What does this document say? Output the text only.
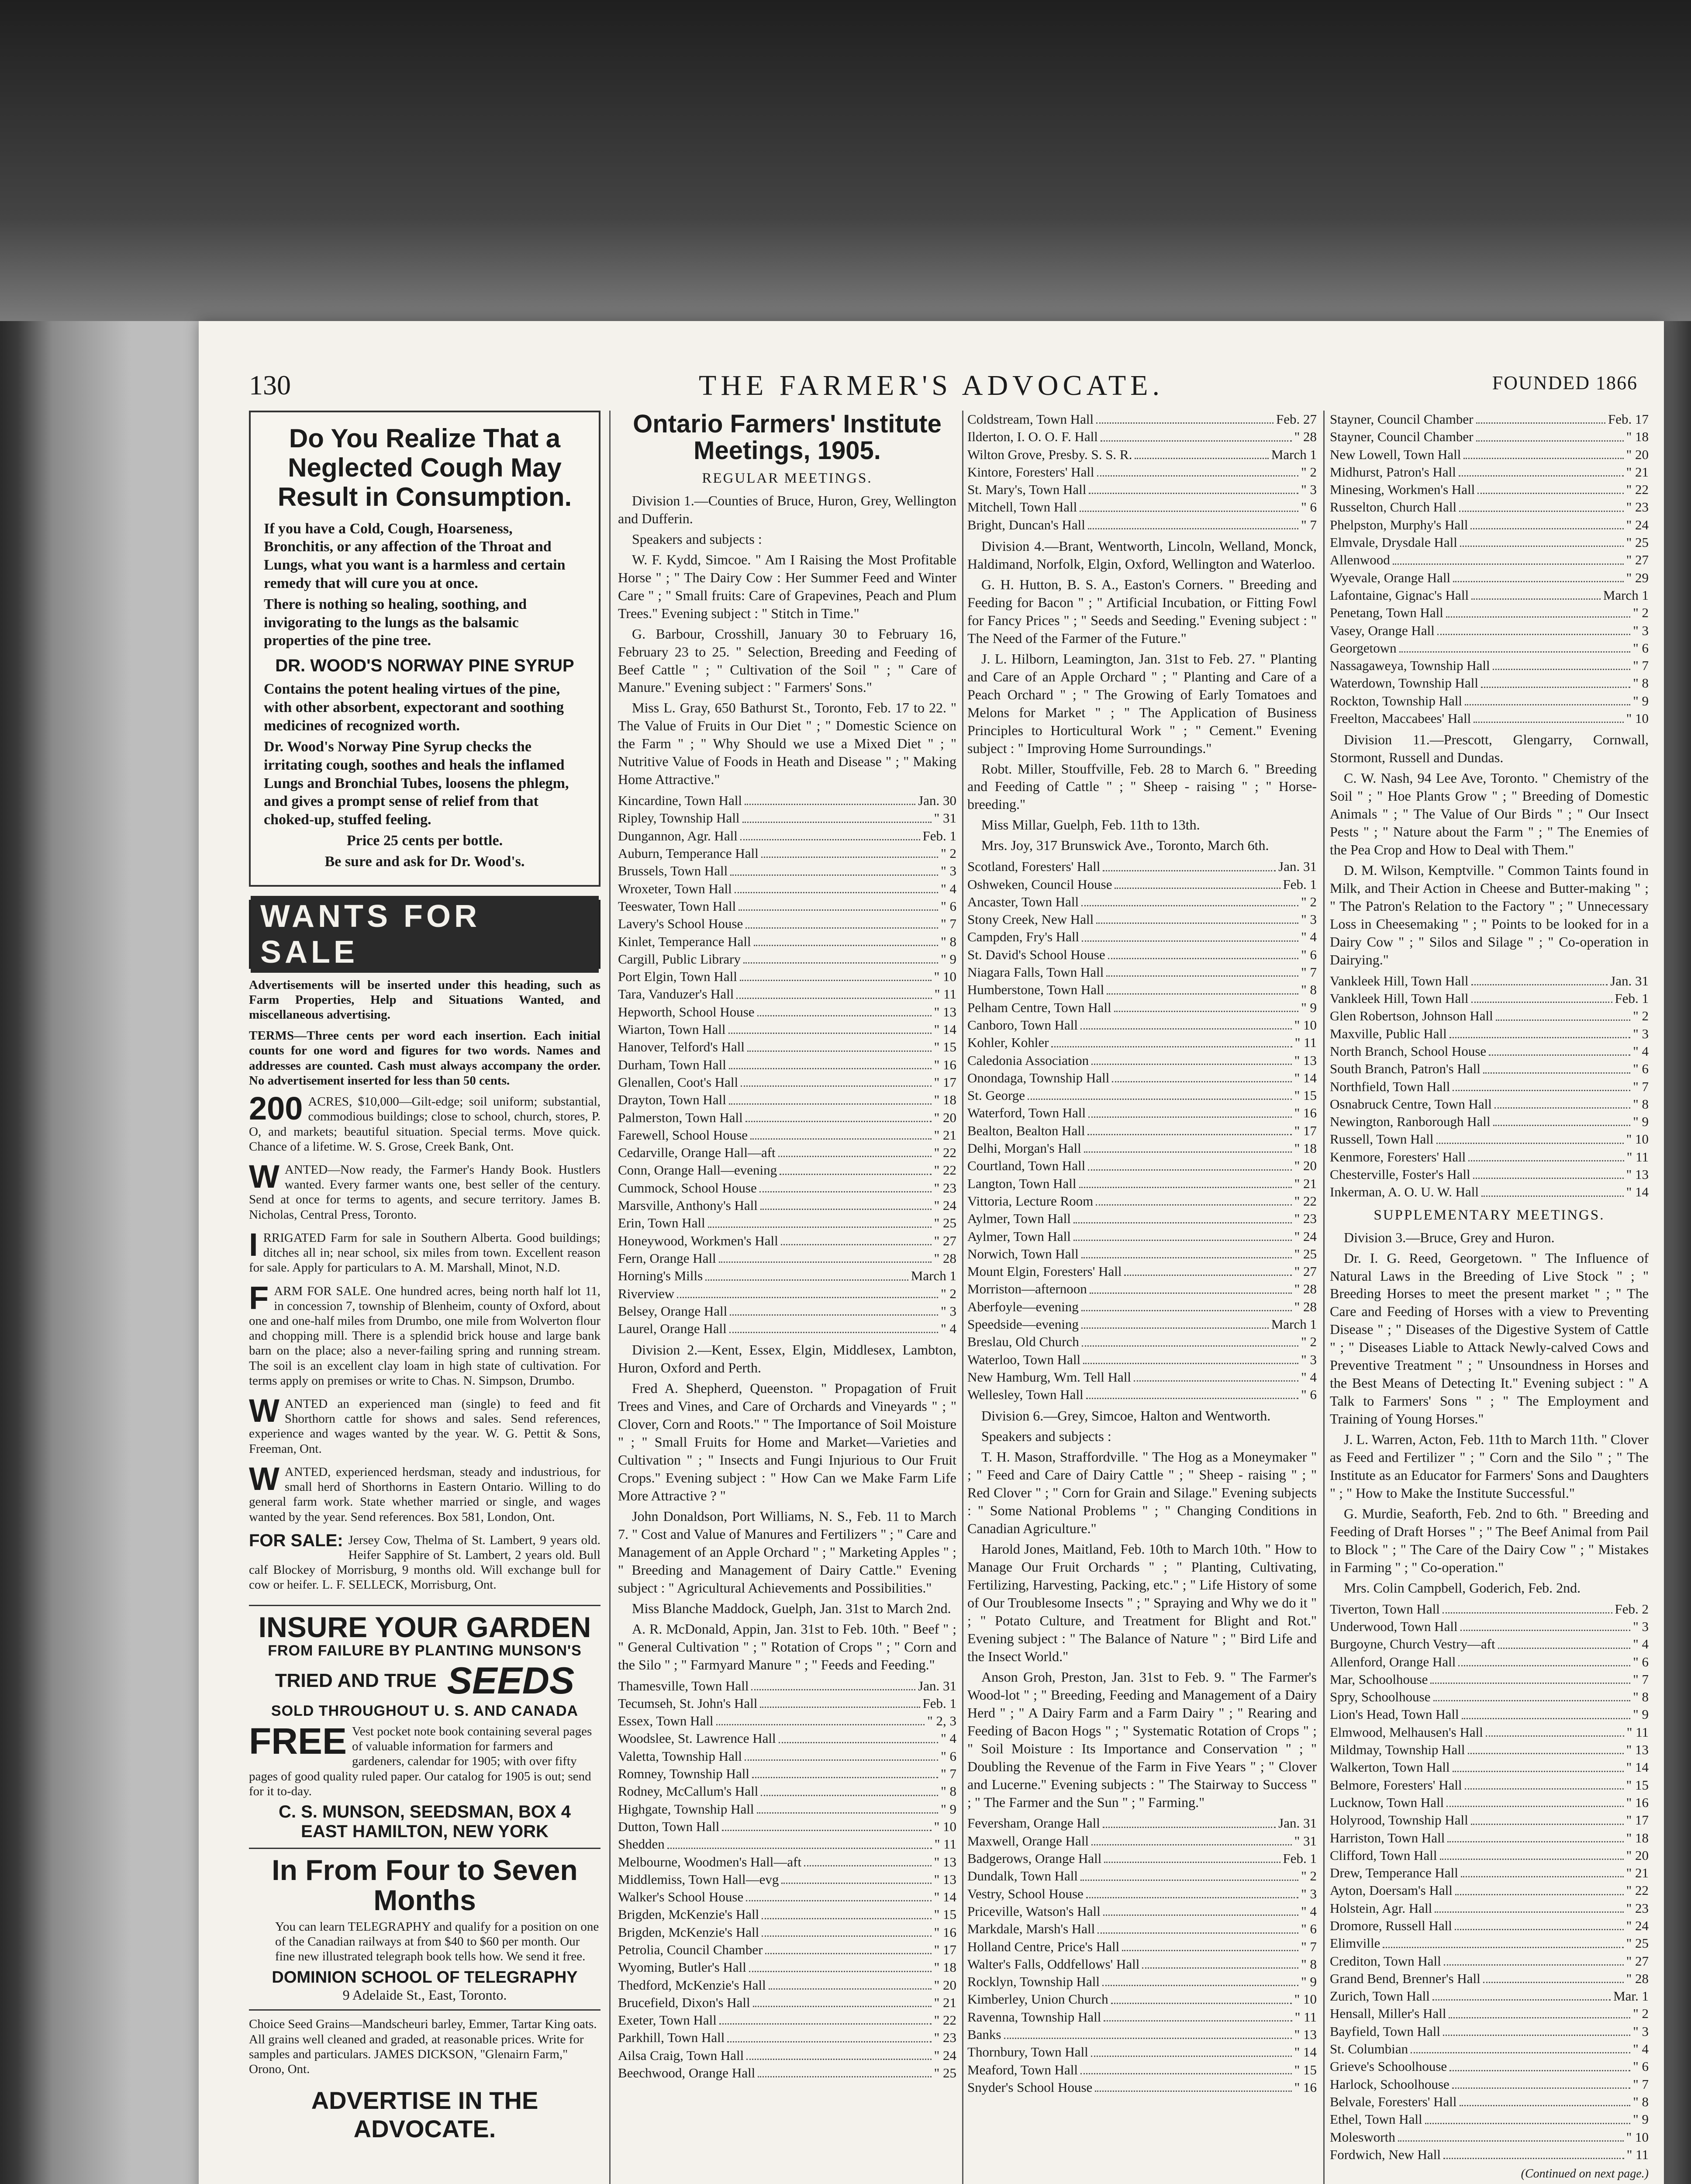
THE FARMER'S ADVOCATE.
130	FOUNDED 1866
Do You Realize That a Neglected Cough May Result in Consumption.

If you have a Cold, Cough, Hoarseness, Bronchitis, or any affection of the Throat and Lungs, what you want is a harmless and certain remedy that will cure you at once.

There is nothing so healing, soothing, and invigorating to the lungs as the balsamic properties of the pine tree.

DR. WOOD'S NORWAY PINE SYRUP

Contains the potent healing virtues of the pine, with other absorbent, expectorant and soothing medicines of recognized worth.

Dr. Wood's Norway Pine Syrup checks the irritating cough, soothes and heals the inflamed Lungs and Bronchial Tubes, loosens the phlegm, and gives a prompt sense of relief from that choked-up, stuffed feeling.

Price 25 cents per bottle.

Be sure and ask for Dr. Wood's.

WANTS FOR SALE

Advertisements will be inserted under this heading, such as Farm Properties, Help and Situations Wanted, and miscellaneous advertising.

TERMS—Three cents per word each insertion. Each initial counts for one word and figures for two words. Names and addresses are counted. Cash must always accompany the order. No advertisement inserted for less than 50 cents.

200 ACRES, $10,000—Gilt-edge; soil uniform; substantial, commodious buildings; close to school, church, stores, P. O, and markets; beautiful situation. Special terms. Move quick. Chance of a lifetime. W. S. Grose, Creek Bank, Ont.

WANTED—Now ready, the Farmer's Handy Book. Hustlers wanted. Every farmer wants one, best seller of the century. Send at once for terms to agents, and secure territory. James B. Nicholas, Central Press, Toronto.

IRRIGATED Farm for sale in Southern Alberta. Good buildings; ditches all in; near school, six miles from town. Excellent reason for sale. Apply for particulars to A. M. Marshall, Minot, N.D.

FARM FOR SALE. One hundred acres, being north half lot 11, in concession 7, township of Blenheim, county of Oxford, about one and one-half miles from Drumbo, one mile from Wolverton flour and chopping mill. There is a splendid brick house and large bank barn on the place; also a never-failing spring and running stream. The soil is an excellent clay loam in high state of cultivation. For terms apply on premises or write to Chas. N. Simpson, Drumbo.

WANTED an experienced man (single) to feed and fit Shorthorn cattle for shows and sales. Send references, experience and wages wanted by the year. W. G. Pettit & Sons, Freeman, Ont.

WANTED, experienced herdsman, steady and industrious, for small herd of Shorthorns in Eastern Ontario. Willing to do general farm work. State whether married or single, and wages wanted by the year. Send references. Box 581, London, Ont.

FOR SALE: Jersey Cow, Thelma of St. Lambert, 9 years old. Heifer Sapphire of St. Lambert, 2 years old. Bull calf Blockey of Morrisburg, 9 months old. Will exchange bull for cow or heifer. L. F. SELLECK, Morrisburg, Ont.

INSURE YOUR GARDEN
FROM FAILURE BY PLANTING MUNSON'S
TRIED AND TRUE SEEDS
SOLD THROUGHOUT U. S. AND CANADA
FREE Vest pocket note book containing several pages of valuable information for farmers and gardeners, calendar for 1905; with over fifty pages of good quality ruled paper. Our catalog for 1905 is out; send for it to-day.
C. S. MUNSON, SEEDSMAN, BOX 4
EAST HAMILTON, NEW YORK
In From Four to Seven Months
You can learn TELEGRAPHY and qualify for a position on one of the Canadian railways at from $40 to $60 per month. Our fine new illustrated telegraph book tells how. We send it free.
DOMINION SCHOOL OF TELEGRAPHY
9 Adelaide St., East, Toronto.
Choice Seed Grains—Mandscheuri barley, Emmer, Tartar King oats. All grains well cleaned and graded, at reasonable prices. Write for samples and particulars. JAMES DICKSON, "Glenairn Farm," Orono, Ont.
ADVERTISE IN THE ADVOCATE.
Ontario Farmers' Institute Meetings, 1905.
REGULAR MEETINGS.

Division 1.—Counties of Bruce, Huron, Grey, Wellington and Dufferin.

Speakers and subjects :

W. F. Kydd, Simcoe. " Am I Raising the Most Profitable Horse " ; " The Dairy Cow : Her Summer Feed and Winter Care " ; " Small fruits: Care of Grapevines, Peach and Plum Trees." Evening subject : " Stitch in Time."

G. Barbour, Crosshill, January 30 to February 16, February 23 to 25. " Selection, Breeding and Feeding of Beef Cattle " ; " Cultivation of the Soil " ; " Care of Manure." Evening subject : " Farmers' Sons."

Miss L. Gray, 650 Bathurst St., Toronto, Feb. 17 to 22. " The Value of Fruits in Our Diet " ; " Domestic Science on the Farm " ; " Why Should we use a Mixed Diet " ; " Nutritive Value of Foods in Heath and Disease " ; " Making Home Attractive."

Kincardine, Town Hall	Jan. 30
Ripley, Township Hall	" 31
Dungannon, Agr. Hall	Feb. 1
Auburn, Temperance Hall	" 2
Brussels, Town Hall	" 3
Wroxeter, Town Hall	" 4
Teeswater, Town Hall	" 6
Lavery's School House	" 7
Kinlet, Temperance Hall	" 8
Cargill, Public Library	" 9
Port Elgin, Town Hall	" 10
Tara, Vanduzer's Hall	" 11
Hepworth, School House	" 13
Wiarton, Town Hall	" 14
Hanover, Telford's Hall	" 15
Durham, Town Hall	" 16
Glenallen, Coot's Hall	" 17
Drayton, Town Hall	" 18
Palmerston, Town Hall	" 20
Farewell, School House	" 21
Cedarville, Orange Hall—aft	" 22
Conn, Orange Hall—evening	" 22
Cummock, School House	" 23
Marsville, Anthony's Hall	" 24
Erin, Town Hall	" 25
Honeywood, Workmen's Hall	" 27
Fern, Orange Hall	" 28
Horning's Mills	March 1
Riverview	" 2
Belsey, Orange Hall	" 3
Laurel, Orange Hall	" 4

Division 2.—Kent, Essex, Elgin, Middlesex, Lambton, Huron, Oxford and Perth.

Fred A. Shepherd, Queenston. " Propagation of Fruit Trees and Vines, and Care of Orchards and Vineyards " ; " Clover, Corn and Roots." " The Importance of Soil Moisture " ; " Small Fruits for Home and Market—Varieties and Cultivation " ; " Insects and Fungi Injurious to Our Fruit Crops." Evening subject : " How Can we Make Farm Life More Attractive ? "

John Donaldson, Port Williams, N. S., Feb. 11 to March 7. " Cost and Value of Manures and Fertilizers " ; " Care and Management of an Apple Orchard " ; " Marketing Apples " ; " Breeding and Management of Dairy Cattle." Evening subject : " Agricultural Achievements and Possibilities."

Miss Blanche Maddock, Guelph, Jan. 31st to March 2nd.

A. R. McDonald, Appin, Jan. 31st to Feb. 10th. " Beef " ; " General Cultivation " ; " Rotation of Crops " ; " Corn and the Silo " ; " Farmyard Manure " ; " Feeds and Feeding."

Thamesville, Town Hall	Jan. 31
Tecumseh, St. John's Hall	Feb. 1
Essex, Town Hall	" 2, 3
Woodslee, St. Lawrence Hall	" 4
Valetta, Township Hall	" 6
Romney, Township Hall	" 7
Rodney, McCallum's Hall	" 8
Highgate, Township Hall	" 9
Dutton, Town Hall	" 10
Shedden	" 11
Melbourne, Woodmen's Hall—aft	" 13
Middlemiss, Town Hall—evg	" 13
Walker's School House	" 14
Brigden, McKenzie's Hall	" 15
Brigden, McKenzie's Hall	" 16
Petrolia, Council Chamber	" 17
Wyoming, Butler's Hall	" 18
Thedford, McKenzie's Hall	" 20
Brucefield, Dixon's Hall	" 21
Exeter, Town Hall	" 22
Parkhill, Town Hall	" 23
Ailsa Craig, Town Hall	" 24
Beechwood, Orange Hall	" 25
Coldstream, Town Hall	Feb. 27
Ilderton, I. O. O. F. Hall	" 28
Wilton Grove, Presby. S. S. R.	March 1
Kintore, Foresters' Hall	" 2
St. Mary's, Town Hall	" 3
Mitchell, Town Hall	" 6
Bright, Duncan's Hall	" 7

Division 4.—Brant, Wentworth, Lincoln, Welland, Monck, Haldimand, Norfolk, Elgin, Oxford, Wellington and Waterloo.

G. H. Hutton, B. S. A., Easton's Corners. " Breeding and Feeding for Bacon " ; " Artificial Incubation, or Fitting Fowl for Fancy Prices " ; " Seeds and Seeding." Evening subject : " The Need of the Farmer of the Future."

J. L. Hilborn, Leamington, Jan. 31st to Feb. 27. " Planting and Care of an Apple Orchard " ; " Planting and Care of a Peach Orchard " ; " The Growing of Early Tomatoes and Melons for Market " ; " The Application of Business Principles to Horticultural Work " ; " Cement." Evening subject : " Improving Home Surroundings."

Robt. Miller, Stouffville, Feb. 28 to March 6. " Breeding and Feeding of Cattle " ; " Sheep - raising " ; " Horse-breeding."

Miss Millar, Guelph, Feb. 11th to 13th.

Mrs. Joy, 317 Brunswick Ave., Toronto, March 6th.

Scotland, Foresters' Hall	Jan. 31
Oshweken, Council House	Feb. 1
Ancaster, Town Hall	" 2
Stony Creek, New Hall	" 3
Campden, Fry's Hall	" 4
St. David's School House	" 6
Niagara Falls, Town Hall	" 7
Humberstone, Town Hall	" 8
Pelham Centre, Town Hall	" 9
Canboro, Town Hall	" 10
Kohler, Kohler	" 11
Caledonia Association	" 13
Onondaga, Township Hall	" 14
St. George	" 15
Waterford, Town Hall	" 16
Bealton, Bealton Hall	" 17
Delhi, Morgan's Hall	" 18
Courtland, Town Hall	" 20
Langton, Town Hall	" 21
Vittoria, Lecture Room	" 22
Aylmer, Town Hall	" 23
Aylmer, Town Hall	" 24
Norwich, Town Hall	" 25
Mount Elgin, Foresters' Hall	" 27
Morriston—afternoon	" 28
Aberfoyle—evening	" 28
Speedside—evening	March 1
Breslau, Old Church	" 2
Waterloo, Town Hall	" 3
New Hamburg, Wm. Tell Hall	" 4
Wellesley, Town Hall	" 6

Division 6.—Grey, Simcoe, Halton and Wentworth.

Speakers and subjects :

T. H. Mason, Straffordville. " The Hog as a Moneymaker " ; " Feed and Care of Dairy Cattle " ; " Sheep - raising " ; " Red Clover " ; " Corn for Grain and Silage." Evening subjects : " Some National Problems " ; " Changing Conditions in Canadian Agriculture."

Harold Jones, Maitland, Feb. 10th to March 10th. " How to Manage Our Fruit Orchards " ; " Planting, Cultivating, Fertilizing, Harvesting, Packing, etc." ; " Life History of some of Our Troublesome Insects " ; " Spraying and Why we do it " ; " Potato Culture, and Treatment for Blight and Rot." Evening subject : " The Balance of Nature " ; " Bird Life and the Insect World."

Anson Groh, Preston, Jan. 31st to Feb. 9. " The Farmer's Wood-lot " ; " Breeding, Feeding and Management of a Dairy Herd " ; " A Dairy Farm and a Farm Dairy " ; " Rearing and Feeding of Bacon Hogs " ; " Systematic Rotation of Crops " ; " Soil Moisture : Its Importance and Conservation " ; " Doubling the Revenue of the Farm in Five Years " ; " Clover and Lucerne." Evening subjects : " The Stairway to Success " ; " The Farmer and the Sun " ; " Farming."

Feversham, Orange Hall	Jan. 31
Maxwell, Orange Hall	" 31
Badgerows, Orange Hall	Feb. 1
Dundalk, Town Hall	" 2
Vestry, School House	" 3
Priceville, Watson's Hall	" 4
Markdale, Marsh's Hall	" 6
Holland Centre, Price's Hall	" 7
Walter's Falls, Oddfellows' Hall	" 8
Rocklyn, Township Hall	" 9
Kimberley, Union Church	" 10
Ravenna, Township Hall	" 11
Banks	" 13
Thornbury, Town Hall	" 14
Meaford, Town Hall	" 15
Snyder's School House	" 16
Stayner, Council Chamber	Feb. 17
Stayner, Council Chamber	" 18
New Lowell, Town Hall	" 20
Midhurst, Patron's Hall	" 21
Minesing, Workmen's Hall	" 22
Russelton, Church Hall	" 23
Phelpston, Murphy's Hall	" 24
Elmvale, Drysdale Hall	" 25
Allenwood	" 27
Wyevale, Orange Hall	" 29
Lafontaine, Gignac's Hall	March 1
Penetang, Town Hall	" 2
Vasey, Orange Hall	" 3
Georgetown	" 6
Nassagaweya, Township Hall	" 7
Waterdown, Township Hall	" 8
Rockton, Township Hall	" 9
Freelton, Maccabees' Hall	" 10

Division 11.—Prescott, Glengarry, Cornwall, Stormont, Russell and Dundas.

C. W. Nash, 94 Lee Ave, Toronto. " Chemistry of the Soil " ; " Hoe Plants Grow " ; " Breeding of Domestic Animals " ; " The Value of Our Birds " ; " Our Insect Pests " ; " Nature about the Farm " ; " The Enemies of the Pea Crop and How to Deal with Them."

D. M. Wilson, Kemptville. " Common Taints found in Milk, and Their Action in Cheese and Butter-making " ; " The Patron's Relation to the Factory " ; " Unnecessary Loss in Cheesemaking " ; " Points to be looked for in a Dairy Cow " ; " Silos and Silage " ; " Co-operation in Dairying."

Vankleek Hill, Town Hall	Jan. 31
Vankleek Hill, Town Hall	Feb. 1
Glen Robertson, Johnson Hall	" 2
Maxville, Public Hall	" 3
North Branch, School House	" 4
South Branch, Patron's Hall	" 6
Northfield, Town Hall	" 7
Osnabruck Centre, Town Hall	" 8
Newington, Ranborough Hall	" 9
Russell, Town Hall	" 10
Kenmore, Foresters' Hall	" 11
Chesterville, Foster's Hall	" 13
Inkerman, A. O. U. W. Hall	" 14
SUPPLEMENTARY MEETINGS.

Division 3.—Bruce, Grey and Huron.

Dr. I. G. Reed, Georgetown. " The Influence of Natural Laws in the Breeding of Live Stock " ; " Breeding Horses to meet the present market " ; " The Care and Feeding of Horses with a view to Preventing Disease " ; " Diseases of the Digestive System of Cattle " ; " Diseases Liable to Attack Newly-calved Cows and Preventive Treatment " ; " Unsoundness in Horses and the Best Means of Detecting It." Evening subject : " A Talk to Farmers' Sons " ; " The Employment and Training of Young Horses."

J. L. Warren, Acton, Feb. 11th to March 11th. " Clover as Feed and Fertilizer " ; " Corn and the Silo " ; " The Institute as an Educator for Farmers' Sons and Daughters " ; " How to Make the Institute Successful."

G. Murdie, Seaforth, Feb. 2nd to 6th. " Breeding and Feeding of Draft Horses " ; " The Beef Animal from Pail to Block " ; " The Care of the Dairy Cow " ; " Mistakes in Farming " ; " Co-operation."

Mrs. Colin Campbell, Goderich, Feb. 2nd.

Tiverton, Town Hall	Feb. 2
Underwood, Town Hall	" 3
Burgoyne, Church Vestry—aft	" 4
Allenford, Orange Hall	" 6
Mar, Schoolhouse	" 7
Spry, Schoolhouse	" 8
Lion's Head, Town Hall	" 9
Elmwood, Melhausen's Hall	" 11
Mildmay, Township Hall	" 13
Walkerton, Town Hall	" 14
Belmore, Foresters' Hall	" 15
Lucknow, Town Hall	" 16
Holyrood, Township Hall	" 17
Harriston, Town Hall	" 18
Clifford, Town Hall	" 20
Drew, Temperance Hall	" 21
Ayton, Doersam's Hall	" 22
Holstein, Agr. Hall	" 23
Dromore, Russell Hall	" 24
Elimville	" 25
Crediton, Town Hall	" 27
Grand Bend, Brenner's Hall	" 28
Zurich, Town Hall	Mar. 1
Hensall, Miller's Hall	" 2
Bayfield, Town Hall	" 3
St. Columbian	" 4
Grieve's Schoolhouse	" 6
Harlock, Schoolhouse	" 7
Belvale, Foresters' Hall	" 8
Ethel, Town Hall	" 9
Molesworth	" 10
Fordwich, New Hall	" 11
(Continued on next page.)
